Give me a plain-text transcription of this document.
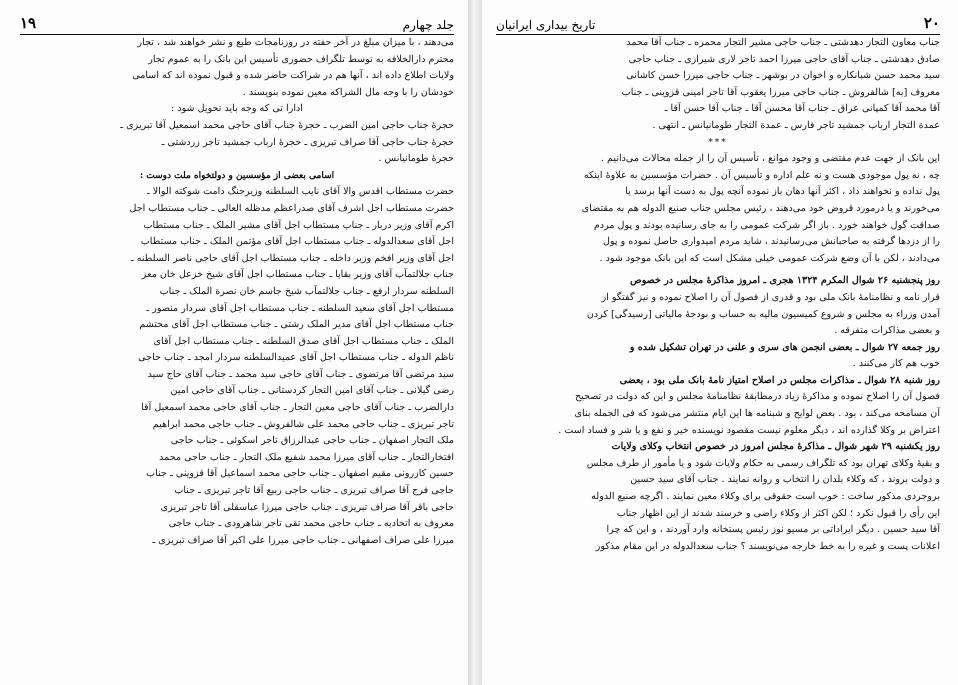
جلد چهارم
۱۹

می‌دهند ، با میزان مبلغ در آخر حفته در روزنامجات طبع و نشر خواهند شد ، تجار

محترم دارالخلافه به توسط تلگراف حضوری تأسیس این بانک را به عموم تجار

ولایات اطلاع داده اند ، آنها هم در شراکت حاضر شده و قبول نموده اند که اسامی

خودشان را با وجه مال الشراکه معین نموده بنویسند .

ادارا تی که وجه باید تحویل شود :

حجرهٔ جناب حاجی امین الضرب ـ حجرهٔ جناب آقای حاجی محمد اسمعیل آقا تبریزی ـ

حجرهٔ جناب حاجی آقا صراف تبریزی ـ حجرهٔ ارباب جمشید تاجر زردشتی ـ

حجرهٔ طومانیانس .

اسامی بعضی از مؤسسین و دولتخواه ملت دوست :

حضرت مستطاب اقدس والا آقای نایب السلطنه وزیرجنگ دامت شوکته الوالا ـ

حضرت مستطاب اجل اشرف آقای صدراعظم مدظله العالی ـ جناب مستطاب اجل

اکرم آقای وزیر دربار ـ جناب مستطاب اجل آقای مشیر الملک ـ جناب مستطاب

اجل آقای سعدالدوله ـ جناب مستطاب اجل آقای مؤتمن الملک ـ جناب مستطاب

اجل آقای وزیر افخم وزیر داخله ـ جناب مستطاب اجل آقای حاجی ناصر السلطنه ـ

جناب جلالتمآب آقای وزیر بقایا ـ جناب مستطاب اجل آقای شیخ خزعل خان معز

السلطنه سردار ارفع ـ جناب جلالتمآب شیخ جاسم خان نصرة الملک ـ جناب

مستطاب اجل آقای سعید السلطنه ـ جناب مستطاب اجل آقای سردار منصور ـ

جناب مستطاب اجل آقای مدیر الملک رشتی ـ جناب مستطاب اجل آقای محتشم

الملک ـ جناب مستطاب اجل آقای صدق السلطنه ـ جناب مستطاب اجل آقای

ناظم الدوله ـ جناب مستطاب اجل آقای عمیدالسلطنه سردار امجد ـ جناب حاجی

سید مرتضی آقا مرتضوی ـ جناب آقای حاجی سید محمد ـ جناب آقای حاج سید

رضی گیلانی ـ جناب آقای امین التجار کردستانی ـ جناب آقای حاجی امین

دارالضرب ـ جناب آقای حاجی معین التجار ـ جناب آقای حاجی محمد اسمعیل آقا

تاجر تبریزی ـ جناب حاجی محمد علی شالفروش ـ جناب حاجی محمد ابراهیم

ملک التجار اصفهان ـ جناب حاجی عبدالرزاق تاجر اسکوئی ـ جناب حاجی

افتخارالتجار ـ جناب آقای میرزا محمد شفیع ملک التجار ـ جناب حاجی محمد

حسین کازرونی مقیم اصفهان ـ جناب حاجی محمد اسماعیل آقا قزوینی ـ جناب

حاجی فرج آقا صراف تبریزی ـ جناب حاجی ربیع آقا تاجر تبریزی ـ جناب

حاجی باقر آقا صراف تبریزی ـ جناب حاجی میرزا عباسقلی آقا تاجر تبریزی

معروف به اتحادیه ـ جناب حاجی محمد تقی تاجر شاهرودی ـ جناب حاجی

میرزا علی صراف اصفهانی ـ جناب حاجی میرزا علی اکبر آقا صراف تبریزی ـ

۲۰
تاریخ بیداری ایرانیان

جناب معاون التجار دهدشتی ـ جناب حاجی مشیر التجار محمره ـ جناب آقا محمد

صادق دهدشتی ـ جناب آقای حاجی میرزا احمد تاجر لاری شیرازی ـ جناب حاجی

سید محمد حسن شبانکاره و اخوان در بوشهر ـ جناب حاجی میرزا حسن کاشانی

معروف [به] شالفروش ـ جناب حاجی میرزا یعقوب آقا تاجر امینی قزوینی ـ جناب

آقا محمد آقا کمپانی عراق ـ جناب آقا محسن آقا ـ جناب آقا حسن آقا ـ

عمدة التجار ارباب جمشید تاجر فارس ـ عمدة التجار طومانیانس ـ انتهی .

***

این بانک از جهت عدم مقتضی و وجود موانع ، تأسیس آن را از جمله محالات می‌دانیم .

چه ، نه پول موجودی هست و نه علم اداره و تأسیس آن . حضرات مؤسسین به علاوهٔ اینکه

پول نداده و نخواهند داد ، اکثر آنها دهان باز نموده آنچه پول به دست آنها برسد یا

می‌خورند و یا درمورد قروض خود می‌دهند ، رئیس مجلس جناب صنیع الدوله هم به مقتضای

صداقت گول خواهند خورد . باز اگر شرکت عمومی را به جای رسانیده بودند و پول مردم

را از دزدها گرفته به صاحبانش می‌رسانیدند ، شاید مردم امیدواری حاصل نموده و پول

می‌دادند ، لکن با آن وضع شرکت عمومی خیلی مشکل است که این بانک موجود شود .

روز پنجشنبه ۲۶ شوال المکرم ۱۳۲۴ هجری ـ امروز مذاکرهٔ مجلس در خصوص

قرار نامه و نظامنامهٔ بانک ملی بود و قدری از فصول آن را اصلاح نموده و نیز گفتگو از

آمدن وزراء به مجلس و شروع کمیسیون مالیه به حساب و بودجهٔ مالیاتی [رسیدگی] کردن

و بعضی مذاکرات متفرقه .

روز جمعه ۲۷ شوال ـ بعضی انجمن های سری و علنی در تهران تشکیل شده و

خوب هم کار می‌کنند .

روز شنبه ۲۸ شوال ـ مذاکرات مجلس در اصلاح امتیاز نامهٔ بانک ملی بود ، بعضی

فصول آن را اصلاح نموده و مذاکرهٔ زیاد درمطابقهٔ نظامنامهٔ مجلس و این که دولت در تصحیح

آن مسامحه می‌کند ، بود . بعض لوایح و شبنامه ها این ایام منتشر می‌شود که فی الجمله بنای

اعتراض بر وکلا گذارده اند ، دیگر معلوم نیست مقصود نویسنده خیر و نفع و یا شر و فساد است .

روز یکشنبه ۲۹ شهر شوال ـ مذاکرهٔ مجلس امروز در خصوص انتخاب وکلای ولایات

و بقیهٔ وکلای تهران بود که تلگراف رسمی به حکام ولایات شود و یا مأمور از طرف مجلس

و دولت بروند ، که وکلاء بلدان را انتخاب و روانه نمایند . جناب آقای سید حسین

بروجردی مذکور ساخت : خوب است حقوقی برای وکلاء معین نمایند . اگرچه صنیع الدوله

این رأی را قبول نکرد ؛ لکن اکثر از وکلاء راضی و خرسند شدند از این اظهار جناب

آقا سید حسین . دیگر ایراداتی بر مسیو نوز رئیس پستخانه وارد آوردند ، و این که چرا

اعلانات پست و غیره را به خط خارجه می‌نویسند ؟ جناب سعدالدوله در این مقام مذکور
